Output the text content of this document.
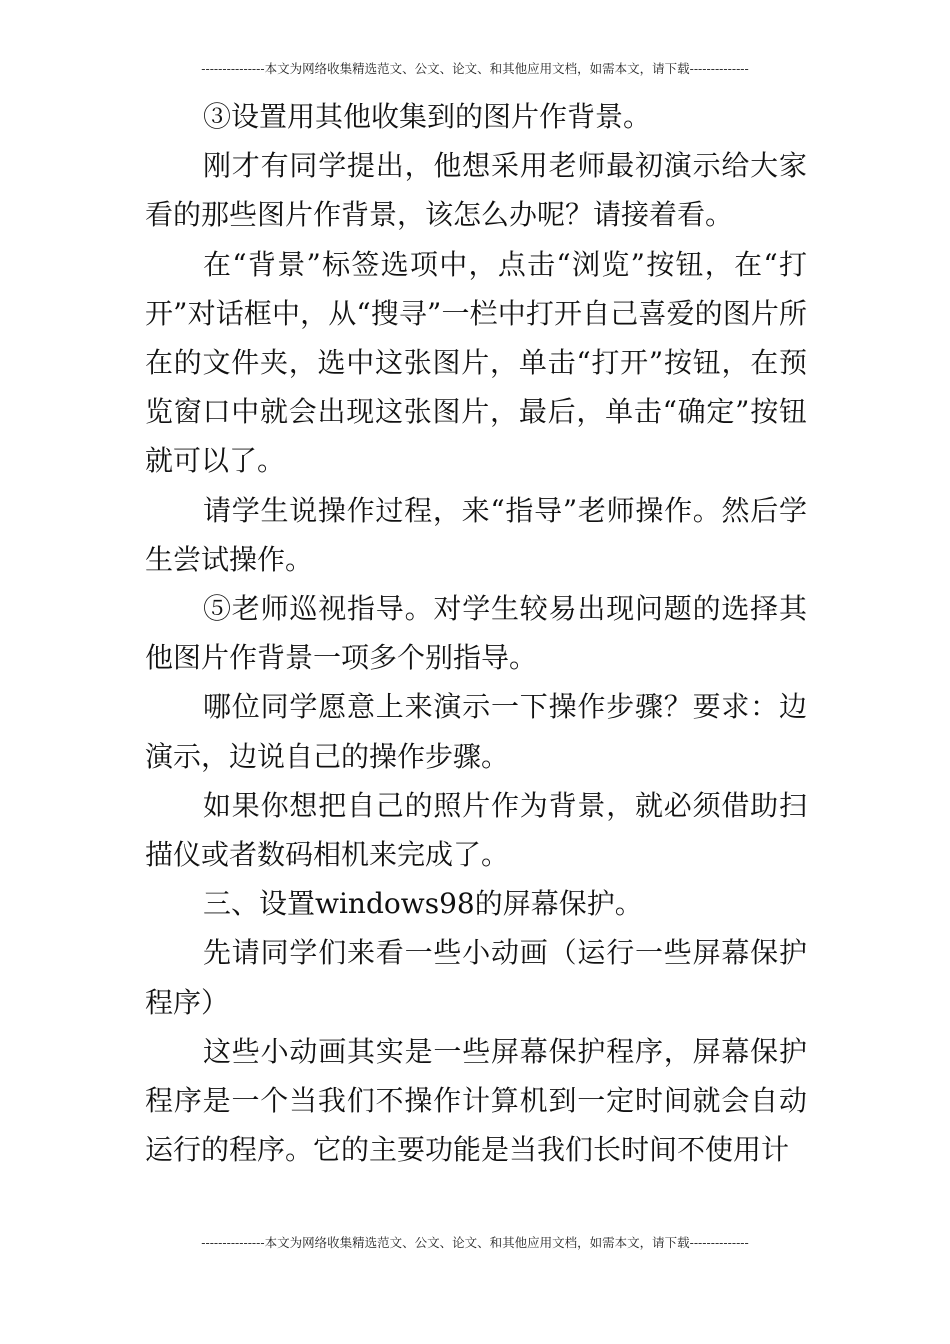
---------------本文为网络收集精选范文、公文、论文、和其他应用文档，如需本文，请下载--------------

③设置用其他收集到的图片作背景。

刚才有同学提出，他想采用老师最初演示给大家看的那些图片作背景，该怎么办呢？请接着看。

在“背景”标签选项中，点击“浏览”按钮，在“打开”对话框中，从“搜寻”一栏中打开自己喜爱的图片所在的文件夹，选中这张图片，单击“打开”按钮，在预览窗口中就会出现这张图片，最后，单击“确定”按钮就可以了。

请学生说操作过程，来“指导”老师操作。然后学生尝试操作。

⑤老师巡视指导。对学生较易出现问题的选择其他图片作背景一项多个别指导。

哪位同学愿意上来演示一下操作步骤？要求：边演示，边说自己的操作步骤。

如果你想把自己的照片作为背景，就必须借助扫描仪或者数码相机来完成了。

三、设置windows98的屏幕保护。

先请同学们来看一些小动画（运行一些屏幕保护程序）

这些小动画其实是一些屏幕保护程序，屏幕保护程序是一个当我们不操作计算机到一定时间就会自动运行的程序。它的主要功能是当我们长时间不使用计

---------------本文为网络收集精选范文、公文、论文、和其他应用文档，如需本文，请下载--------------
